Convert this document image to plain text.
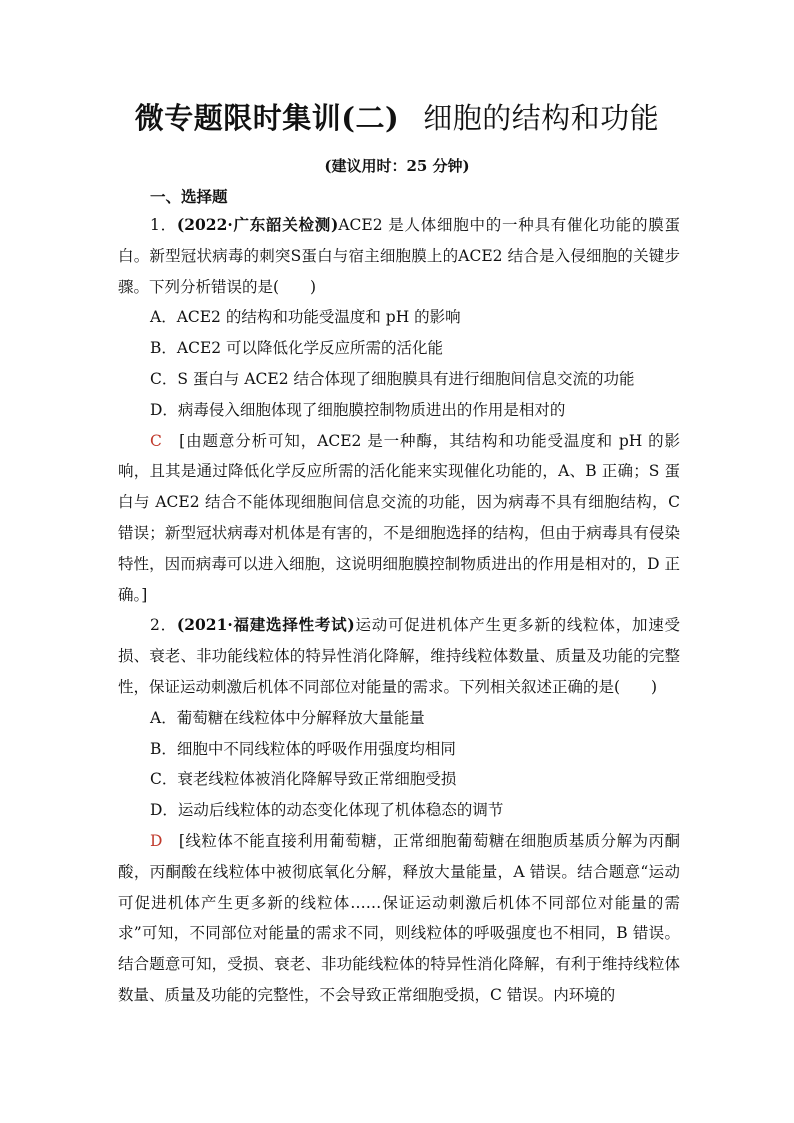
微专题限时集训(二) 细胞的结构和功能
(建议用时：25 分钟)
一、选择题

1．(2022·广东韶关检测)ACE2 是人体细胞中的一种具有催化功能的膜蛋白。新型冠状病毒的刺突S蛋白与宿主细胞膜上的ACE2 结合是入侵细胞的关键步骤。下列分析错误的是(　　)

A．ACE2 的结构和功能受温度和 pH 的影响

B．ACE2 可以降低化学反应所需的活化能

C．S 蛋白与 ACE2 结合体现了细胞膜具有进行细胞间信息交流的功能

D．病毒侵入细胞体现了细胞膜控制物质进出的作用是相对的

C　 [由题意分析可知，ACE2 是一种酶，其结构和功能受温度和 pH 的影响，且其是通过降低化学反应所需的活化能来实现催化功能的，A、B 正确；S 蛋白与 ACE2 结合不能体现细胞间信息交流的功能，因为病毒不具有细胞结构，C 错误；新型冠状病毒对机体是有害的，不是细胞选择的结构，但由于病毒具有侵染特性，因而病毒可以进入细胞，这说明细胞膜控制物质进出的作用是相对的，D 正确。]

2．(2021·福建选择性考试)运动可促进机体产生更多新的线粒体，加速受损、衰老、非功能线粒体的特异性消化降解，维持线粒体数量、质量及功能的完整性，保证运动刺激后机体不同部位对能量的需求。下列相关叙述正确的是(　　)

A．葡萄糖在线粒体中分解释放大量能量

B．细胞中不同线粒体的呼吸作用强度均相同

C．衰老线粒体被消化降解导致正常细胞受损

D．运动后线粒体的动态变化体现了机体稳态的调节

D　 [线粒体不能直接利用葡萄糖，正常细胞葡萄糖在细胞质基质分解为丙酮酸，丙酮酸在线粒体中被彻底氧化分解，释放大量能量，A 错误。结合题意“运动可促进机体产生更多新的线粒体……保证运动刺激后机体不同部位对能量的需求”可知，不同部位对能量的需求不同，则线粒体的呼吸强度也不相同，B 错误。结合题意可知，受损、衰老、非功能线粒体的特异性消化降解，有利于维持线粒体数量、质量及功能的完整性，不会导致正常细胞受损，C 错误。内环境的
